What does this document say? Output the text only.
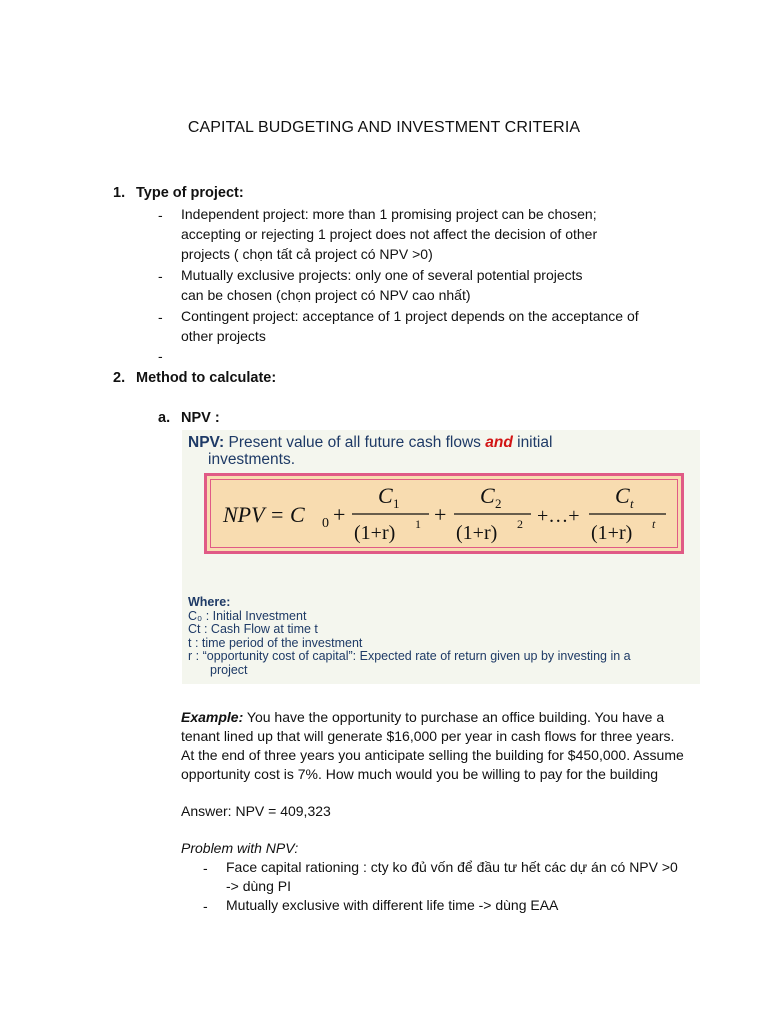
CAPITAL BUDGETING AND INVESTMENT CRITERIA
1. Type of project:
- Independent project: more than 1 promising project can be chosen;
accepting or rejecting 1 project does not affect the decision of other
projects ( chọn tất cả project có NPV >0)
- Mutually exclusive projects: only one of several potential projects
can be chosen (chọn project có NPV cao nhất)
- Contingent project: acceptance of 1 project depends on the acceptance of
other projects
-
2. Method to calculate:
a. NPV :
NPV: Present value of all future cash flows and initial
investments.
NPV = C 0 +
C 1
(1+r) 1 +
C 2
(1+r) 2 +…+
C t
(1+r) t
Where:
C₀ : Initial Investment
Ct : Cash Flow at time t
t : time period of the investment
r : “opportunity cost of capital”: Expected rate of return given up by investing in a
project
Example: You have the opportunity to purchase an office building. You have a
tenant lined up that will generate $16,000 per year in cash flows for three years.
At the end of three years you anticipate selling the building for $450,000. Assume
opportunity cost is 7%. How much would you be willing to pay for the building
Answer: NPV = 409,323
Problem with NPV:
- Face capital rationing : cty ko đủ vốn để đầu tư hết các dự án có NPV >0
-> dùng PI
- Mutually exclusive with different life time -> dùng EAA
